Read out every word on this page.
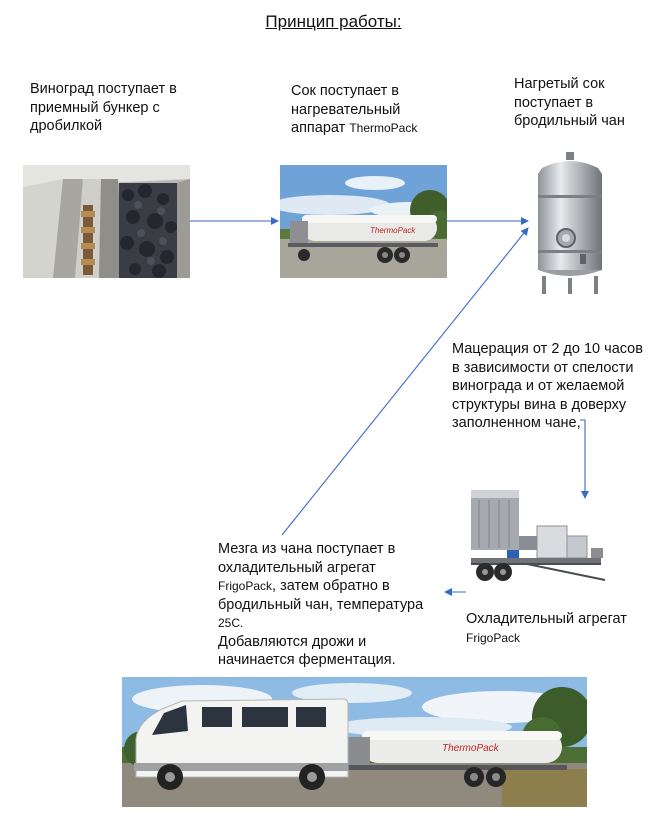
Принцип работы:
Виноград поступает в приемный бункер с дробилкой
Сок поступает в нагревательный аппарат ThermoPack
Нагретый сок поступает в бродильный чан
Мацерация от 2 до 10 часов в зависимости от спелости винограда и от желаемой структуры вина в доверху заполненном чане,
Охладительный агрегат
FrigoPack
Мезга из чана поступает в охладительный агрегат FrigoPack, затем обратно в бродильный чан, температура 25С.
Добавляются дрожи и начинается ферментация.
ThermoPack
ThermoPack
